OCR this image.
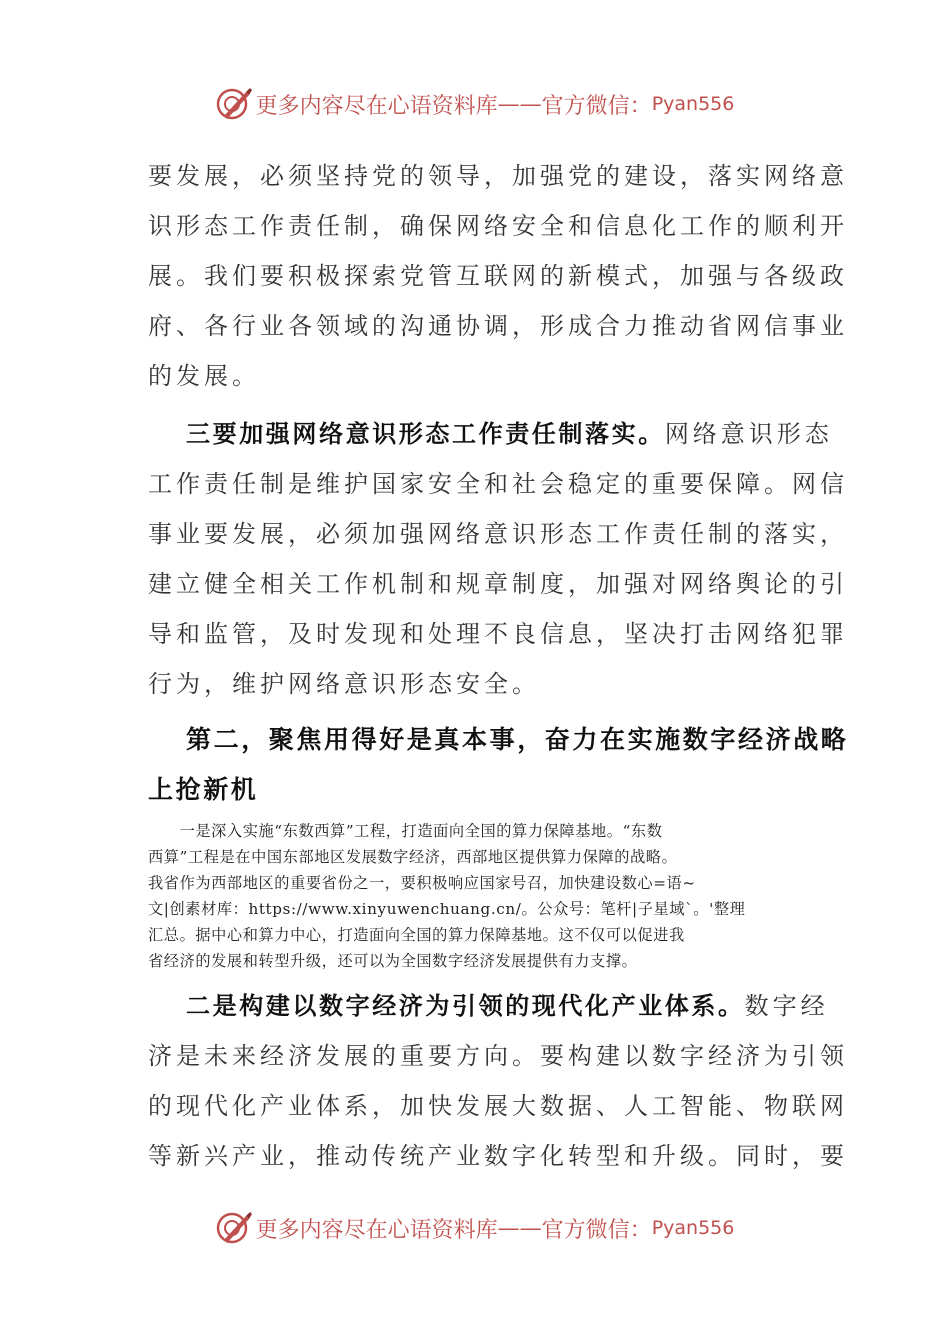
更多内容尽在心语资料库 —— 官方微信： Pyan556
要发展，必须坚持党的领导，加强党的建设，落实网络意
识形态工作责任制，确保网络安全和信息化工作的顺利开
展。我们要积极探索党管互联网的新模式，加强与各级政
府、各行业各领域的沟通协调，形成合力推动省网信事业
的发展。
三要加强网络意识形态工作责任制落实。网络意识形态
工作责任制是维护国家安全和社会稳定的重要保障。网信
事业要发展，必须加强网络意识形态工作责任制的落实，
建立健全相关工作机制和规章制度，加强对网络舆论的引
导和监管，及时发现和处理不良信息，坚决打击网络犯罪
行为，维护网络意识形态安全。
第二，聚焦用得好是真本事，奋力在实施数字经济战略
上抢新机
　　一是深入实施“东数西算”工程，打造面向全国的算力保障基地。“东数
西算”工程是在中国东部地区发展数字经济，西部地区提供算力保障的战略。
我省作为西部地区的重要省份之一，要积极响应国家号召，加快建设数心=语~
文|创素材库：https://www.xinyuwenchuang.cn/。公众号：笔杆|子星域`。'整理
汇总。据中心和算力中心，打造面向全国的算力保障基地。这不仅可以促进我
省经济的发展和转型升级，还可以为全国数字经济发展提供有力支撑。
二是构建以数字经济为引领的现代化产业体系。数字经
济是未来经济发展的重要方向。要构建以数字经济为引领
的现代化产业体系，加快发展大数据、人工智能、物联网
等新兴产业，推动传统产业数字化转型和升级。同时，要
更多内容尽在心语资料库 —— 官方微信： Pyan556
